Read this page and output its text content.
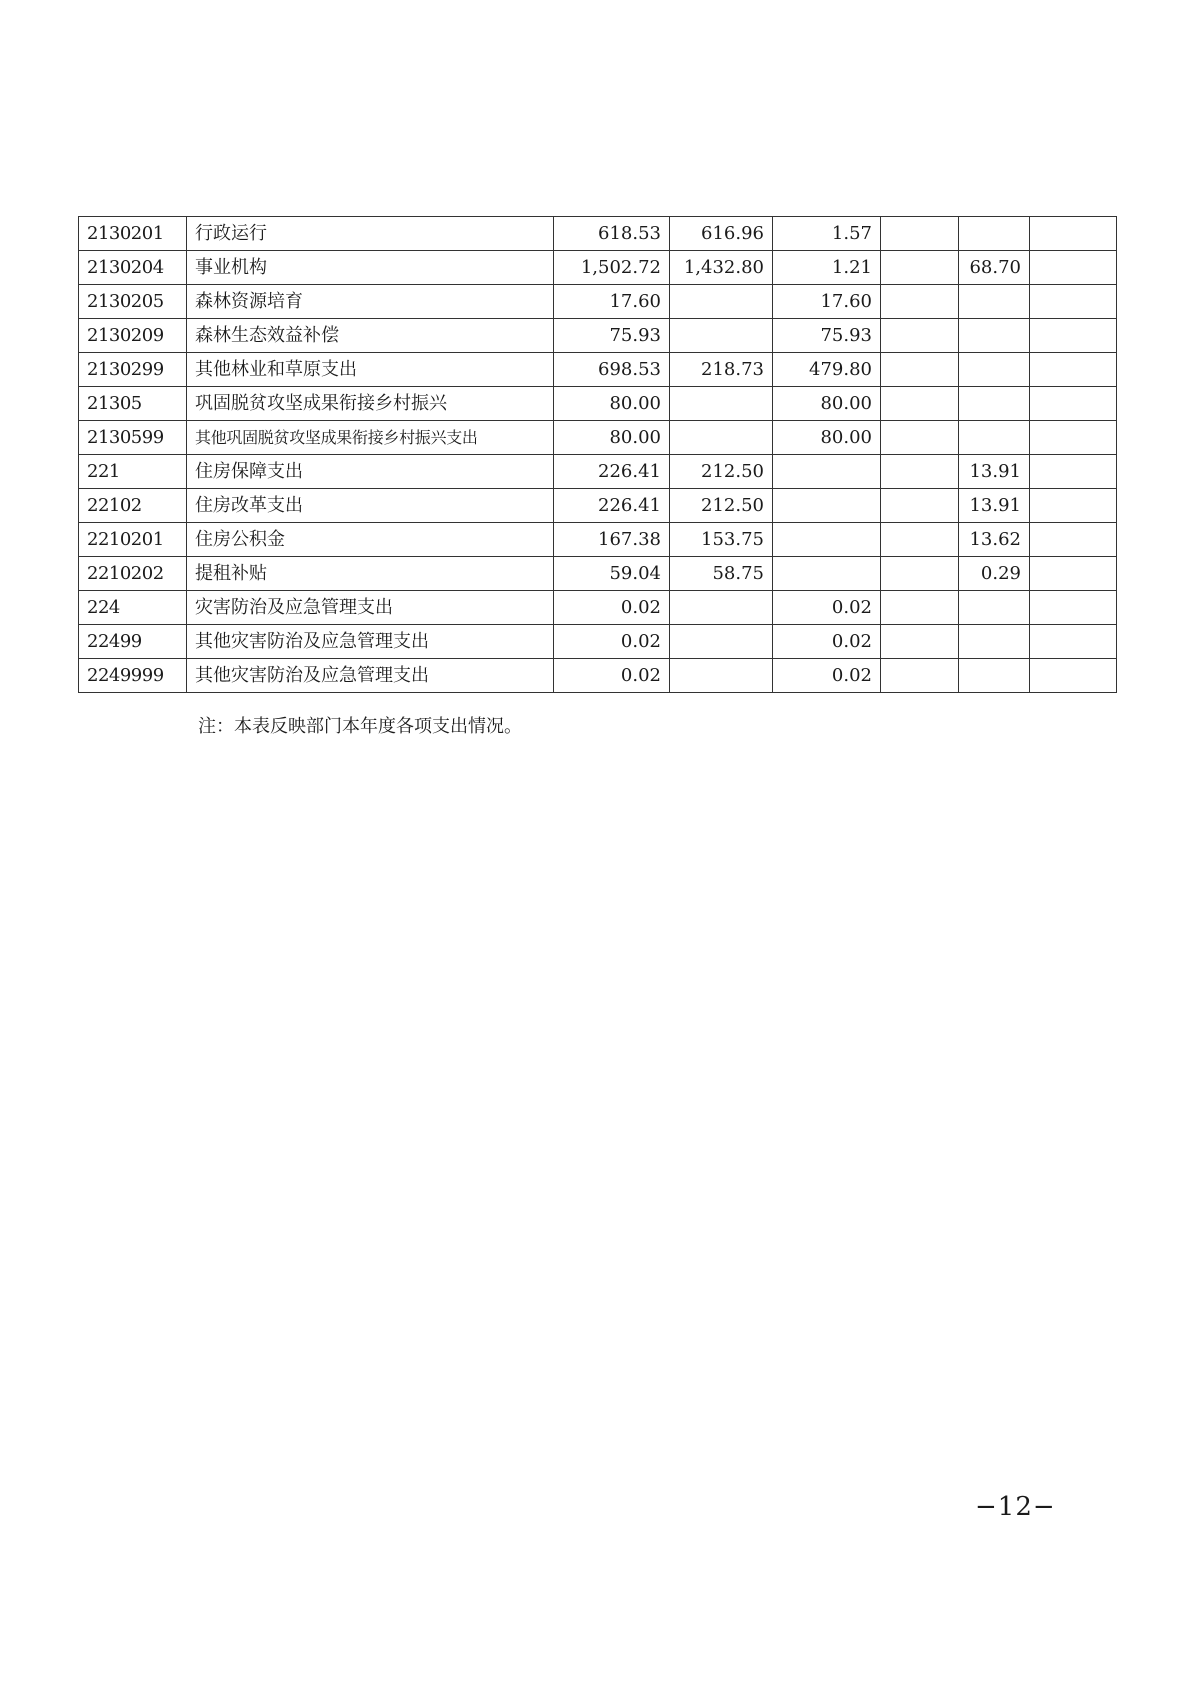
2130201	行政运行	618.53	616.96	1.57			
2130204	事业机构	1,502.72	1,432.80	1.21		68.70	
2130205	森林资源培育	17.60		17.60			
2130209	森林生态效益补偿	75.93		75.93			
2130299	其他林业和草原支出	698.53	218.73	479.80			
21305	巩固脱贫攻坚成果衔接乡村振兴	80.00		80.00			
2130599	其他巩固脱贫攻坚成果衔接乡村振兴支出	80.00		80.00			
221	住房保障支出	226.41	212.50			13.91	
22102	住房改革支出	226.41	212.50			13.91	
2210201	住房公积金	167.38	153.75			13.62	
2210202	提租补贴	59.04	58.75			0.29	
224	灾害防治及应急管理支出	0.02		0.02			
22499	其他灾害防治及应急管理支出	0.02		0.02			
2249999	其他灾害防治及应急管理支出	0.02		0.02			
注：本表反映部门本年度各项支出情况。
−12−
